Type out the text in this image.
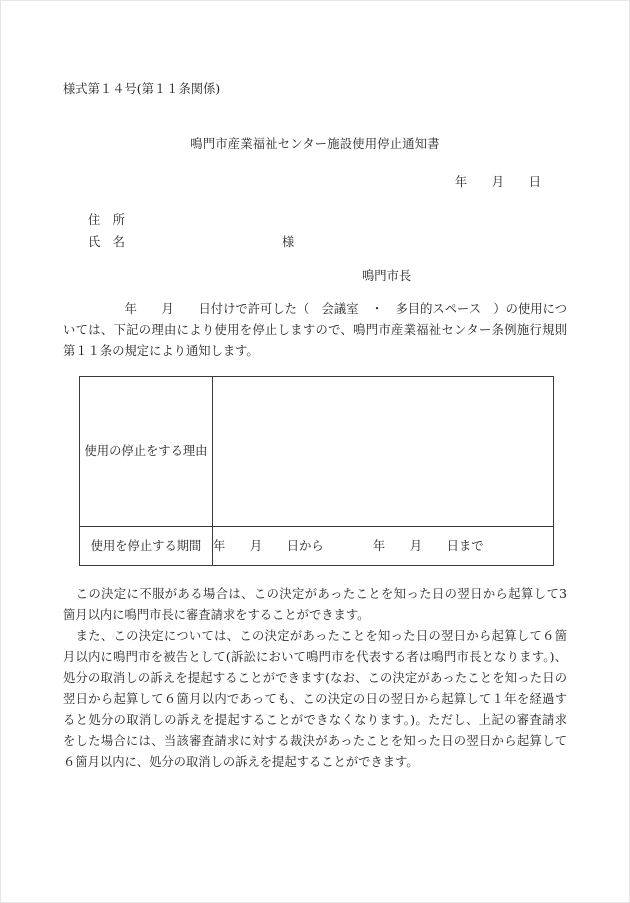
様式第１４号(第１１条関係)
鳴門市産業福祉センター施設使用停止通知書
年　　月　　日
住　所
氏　名	様
鳴門市長
　　　　　年　　月　　日付けで許可した（　会議室　・　多目的スペース　）の使用につ
いては、下記の理由により使用を停止しますので、鳴門市産業福祉センター条例施行規則
第１１条の規定により通知します。
使用の停止をする理由	
使用を停止する期間	年　　月　　日から　　　　年　　月　　日まで
　この決定に不服がある場合は、この決定があったことを知った日の翌日から起算して3
箇月以内に鳴門市長に審査請求をすることができます。
　また、この決定については、この決定があったことを知った日の翌日から起算して６箇
月以内に鳴門市を被告として(訴訟において鳴門市を代表する者は鳴門市長となります。)、
処分の取消しの訴えを提起することができます(なお、この決定があったことを知った日の
翌日から起算して６箇月以内であっても、この決定の日の翌日から起算して１年を経過す
ると処分の取消しの訴えを提起することができなくなります。)。ただし、上記の審査請求
をした場合には、当該審査請求に対する裁決があったことを知った日の翌日から起算して
６箇月以内に、処分の取消しの訴えを提起することができます。
